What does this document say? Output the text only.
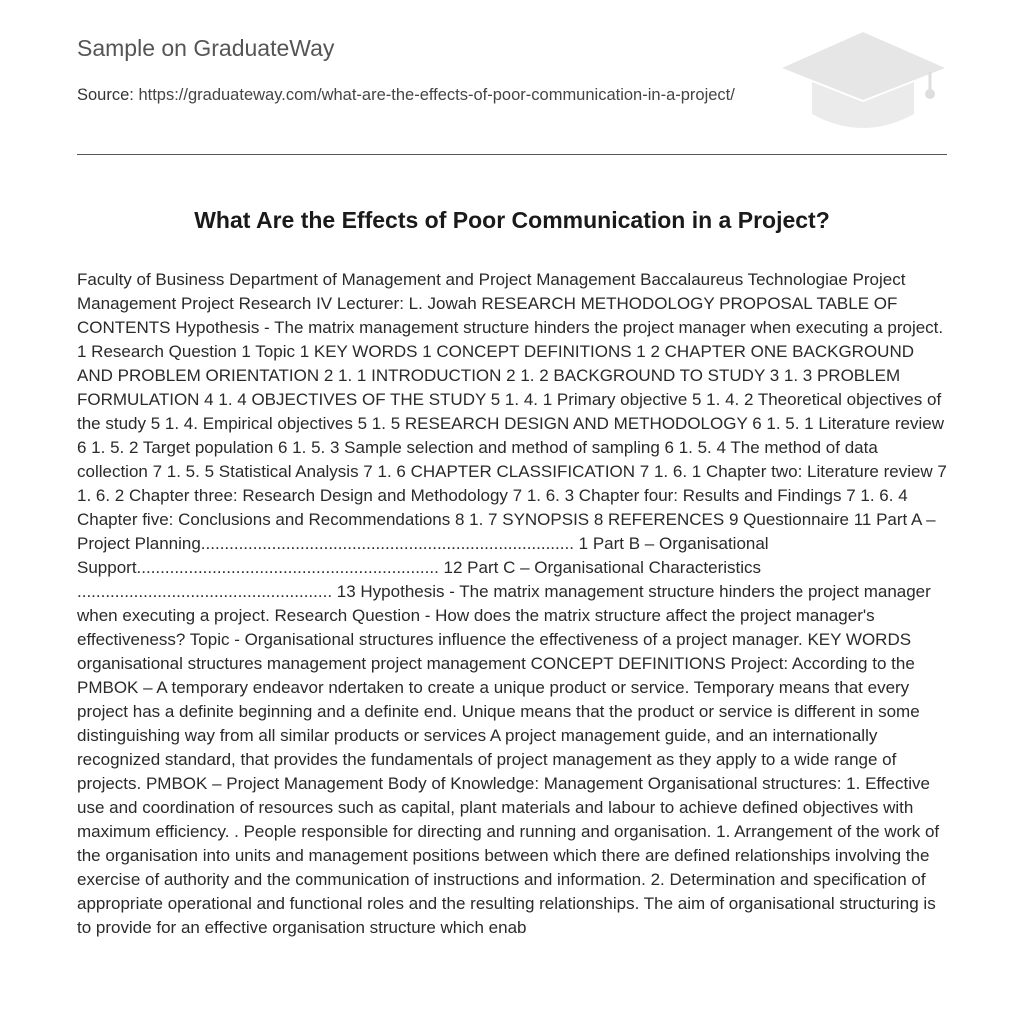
Sample on GraduateWay
Source: https://graduateway.com/what-are-the-effects-of-poor-communication-in-a-project/
What Are the Effects of Poor Communication in a Project?

Faculty of Business Department of Management and Project Management Baccalaureus Technologiae Project Management Project Research IV Lecturer: L. Jowah RESEARCH METHODOLOGY PROPOSAL TABLE OF CONTENTS Hypothesis - The matrix management structure hinders the project manager when executing a project. 1 Research Question 1 Topic 1 KEY WORDS 1 CONCEPT DEFINITIONS 1 2 CHAPTER ONE BACKGROUND AND PROBLEM ORIENTATION 2 1. 1 INTRODUCTION 2 1. 2 BACKGROUND TO STUDY 3 1. 3 PROBLEM FORMULATION 4 1. 4 OBJECTIVES OF THE STUDY 5 1. 4. 1 Primary objective 5 1. 4. 2 Theoretical objectives of the study 5 1. 4. Empirical objectives 5 1. 5 RESEARCH DESIGN AND METHODOLOGY 6 1. 5. 1 Literature review 6 1. 5. 2 Target population 6 1. 5. 3 Sample selection and method of sampling 6 1. 5. 4 The method of data collection 7 1. 5. 5 Statistical Analysis 7 1. 6 CHAPTER CLASSIFICATION 7 1. 6. 1 Chapter two: Literature review 7 1. 6. 2 Chapter three: Research Design and Methodology 7 1. 6. 3 Chapter four: Results and Findings 7 1. 6. 4 Chapter five: Conclusions and Recommendations 8 1. 7 SYNOPSIS 8 REFERENCES 9 Questionnaire 11 Part A – Project Planning............................................................................... 1 Part B – Organisational Support................................................................ 12 Part C – Organisational Characteristics ...................................................... 13 Hypothesis - The matrix management structure hinders the project manager when executing a project. Research Question - How does the matrix structure affect the project manager's effectiveness? Topic - Organisational structures influence the effectiveness of a project manager. KEY WORDS organisational structures management project management CONCEPT DEFINITIONS Project: According to the PMBOK – A temporary endeavor ndertaken to create a unique product or service. Temporary means that every project has a definite beginning and a definite end. Unique means that the product or service is different in some distinguishing way from all similar products or services A project management guide, and an internationally recognized standard, that provides the fundamentals of project management as they apply to a wide range of projects. PMBOK – Project Management Body of Knowledge: Management Organisational structures: 1. Effective use and coordination of resources such as capital, plant materials and labour to achieve defined objectives with maximum efficiency. . People responsible for directing and running and organisation. 1. Arrangement of the work of the organisation into units and management positions between which there are defined relationships involving the exercise of authority and the communication of instructions and information. 2. Determination and specification of appropriate operational and functional roles and the resulting relationships. The aim of organisational structuring is to provide for an effective organisation structure which enab
